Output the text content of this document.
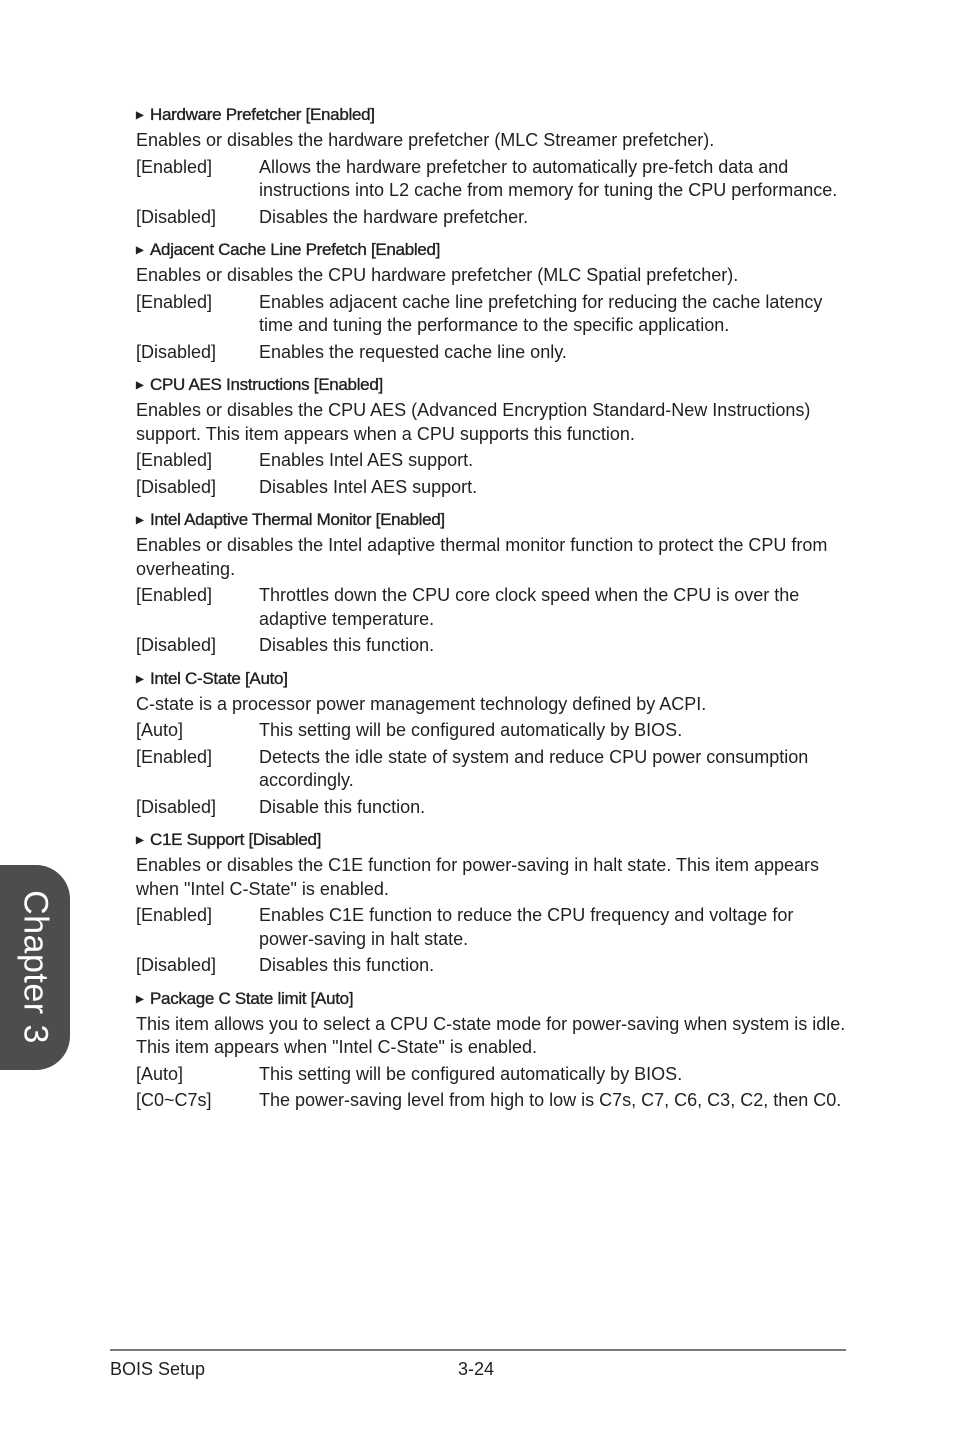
▶ Hardware Prefetcher [Enabled]
Enables or disables the hardware prefetcher (MLC Streamer prefetcher).
[Enabled]	Allows the hardware prefetcher to automatically pre-fetch data and instructions into L2 cache from memory for tuning the CPU performance.
[Disabled]	Disables the hardware prefetcher.
▶ Adjacent Cache Line Prefetch [Enabled]
Enables or disables the CPU hardware prefetcher (MLC Spatial prefetcher).
[Enabled]	Enables adjacent cache line prefetching for reducing the cache latency time and tuning the performance to the specific application.
[Disabled]	Enables the requested cache line only.
▶ CPU AES Instructions [Enabled]
Enables or disables the CPU AES (Advanced Encryption Standard-New Instructions) support. This item appears when a CPU supports this function.
[Enabled]	Enables Intel AES support.
[Disabled]	Disables Intel AES support.
▶ Intel Adaptive Thermal Monitor [Enabled]
Enables or disables the Intel adaptive thermal monitor function to protect the CPU from overheating.
[Enabled]	Throttles down the CPU core clock speed when the CPU is over the adaptive temperature.
[Disabled]	Disables this function.
▶ Intel C-State [Auto]
C-state is a processor power management technology defined by ACPI.
[Auto]	This setting will be configured automatically by BIOS.
[Enabled]	Detects the idle state of system and reduce CPU power consumption accordingly.
[Disabled]	Disable this function.
▶ C1E Support [Disabled]
Enables or disables the C1E function for power-saving in halt state. This item appears when "Intel C-State" is enabled.
[Enabled]	Enables C1E function to reduce the CPU frequency and voltage for power-saving in halt state.
[Disabled]	Disables this function.
▶ Package C State limit [Auto]
This item allows you to select a CPU C-state mode for power-saving when system is idle. This item appears when "Intel C-State" is enabled.
[Auto]	This setting will be configured automatically by BIOS.
[C0~C7s]	The power-saving level from high to low is C7s, C7, C6, C3, C2, then C0.
Chapter 3
BOIS Setup	3-24
